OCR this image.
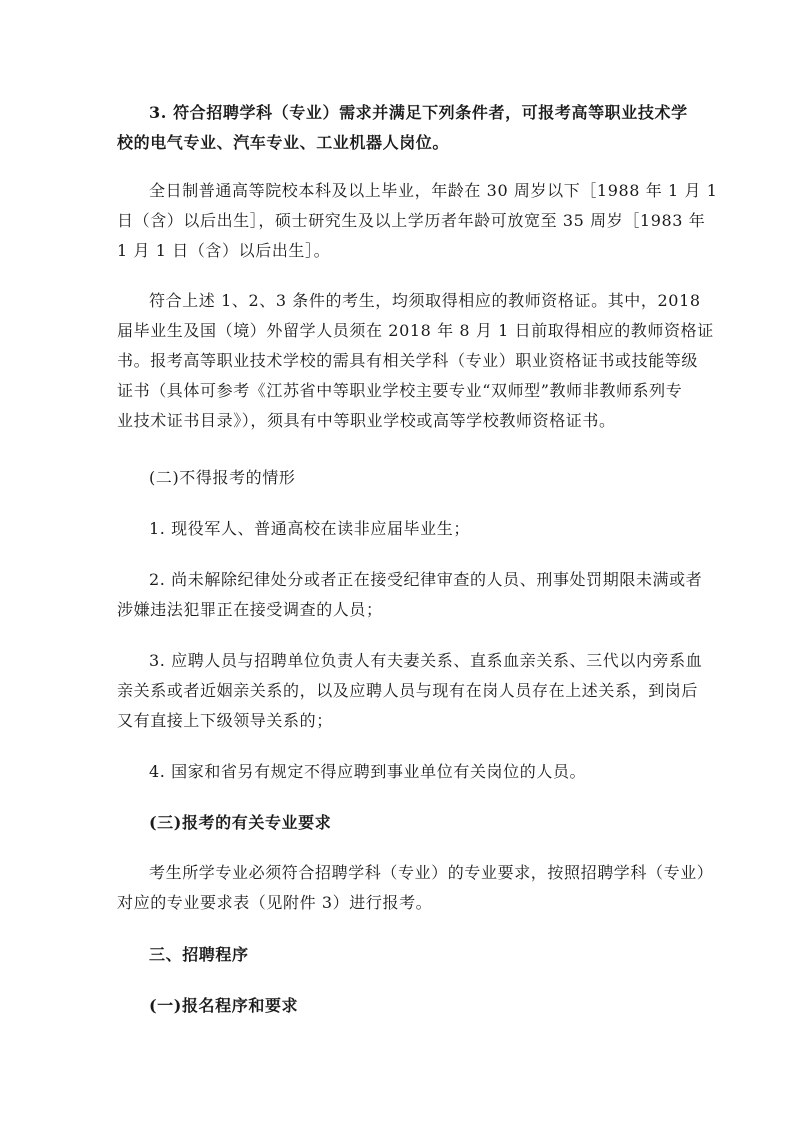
3. 符合招聘学科（专业）需求并满足下列条件者，可报考高等职业技术学
校的电气专业、汽车专业、工业机器人岗位。

全日制普通高等院校本科及以上毕业，年龄在 30 周岁以下［1988 年 1 月 1
日（含）以后出生］，硕士研究生及以上学历者年龄可放宽至 35 周岁［1983 年
1 月 1 日（含）以后出生］。

符合上述 1、2、3 条件的考生，均须取得相应的教师资格证。其中，2018
届毕业生及国（境）外留学人员须在 2018 年 8 月 1 日前取得相应的教师资格证
书。报考高等职业技术学校的需具有相关学科（专业）职业资格证书或技能等级
证书（具体可参考《江苏省中等职业学校主要专业“双师型”教师非教师系列专
业技术证书目录》），须具有中等职业学校或高等学校教师资格证书。

(二)不得报考的情形

1. 现役军人、普通高校在读非应届毕业生；

2. 尚未解除纪律处分或者正在接受纪律审查的人员、刑事处罚期限未满或者
涉嫌违法犯罪正在接受调查的人员；

3. 应聘人员与招聘单位负责人有夫妻关系、直系血亲关系、三代以内旁系血
亲关系或者近姻亲关系的，以及应聘人员与现有在岗人员存在上述关系，到岗后
又有直接上下级领导关系的；

4. 国家和省另有规定不得应聘到事业单位有关岗位的人员。

(三)报考的有关专业要求

考生所学专业必须符合招聘学科（专业）的专业要求，按照招聘学科（专业）
对应的专业要求表（见附件 3）进行报考。

三、招聘程序

(一)报名程序和要求
